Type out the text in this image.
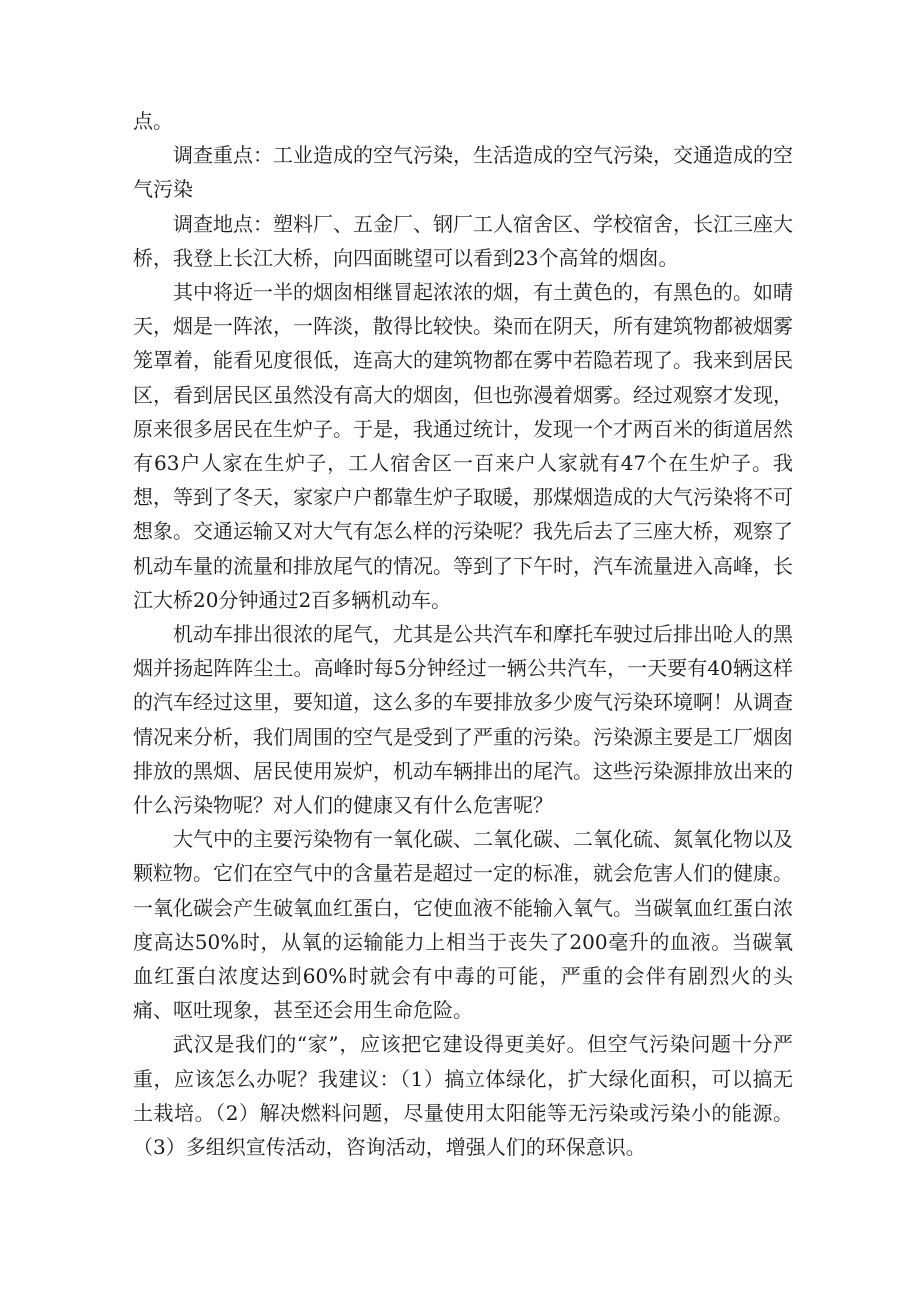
点。

调查重点：工业造成的空气污染，生活造成的空气污染，交通造成的空气污染

调查地点：塑料厂、五金厂、钢厂工人宿舍区、学校宿舍，长江三座大桥，我登上长江大桥，向四面眺望可以看到23个高耸的烟囱。

其中将近一半的烟囱相继冒起浓浓的烟，有土黄色的，有黑色的。如晴天，烟是一阵浓，一阵淡，散得比较快。染而在阴天，所有建筑物都被烟雾笼罩着，能看见度很低，连高大的建筑物都在雾中若隐若现了。我来到居民区，看到居民区虽然没有高大的烟囱，但也弥漫着烟雾。经过观察才发现，原来很多居民在生炉子。于是，我通过统计，发现一个才两百米的街道居然有63户人家在生炉子，工人宿舍区一百来户人家就有47个在生炉子。我想，等到了冬天，家家户户都靠生炉子取暖，那煤烟造成的大气污染将不可想象。交通运输又对大气有怎么样的污染呢？我先后去了三座大桥，观察了机动车量的流量和排放尾气的情况。等到了下午时，汽车流量进入高峰，长江大桥20分钟通过2百多辆机动车。

机动车排出很浓的尾气，尤其是公共汽车和摩托车驶过后排出呛人的黑烟并扬起阵阵尘土。高峰时每5分钟经过一辆公共汽车，一天要有40辆这样的汽车经过这里，要知道，这么多的车要排放多少废气污染环境啊！从调查情况来分析，我们周围的空气是受到了严重的污染。污染源主要是工厂烟囱排放的黑烟、居民使用炭炉，机动车辆排出的尾汽。这些污染源排放出来的什么污染物呢？对人们的健康又有什么危害呢？

大气中的主要污染物有一氧化碳、二氧化碳、二氧化硫、氮氧化物以及颗粒物。它们在空气中的含量若是超过一定的标准，就会危害人们的健康。一氧化碳会产生破氧血红蛋白，它使血液不能输入氧气。当碳氧血红蛋白浓度高达50%时，从氧的运输能力上相当于丧失了200毫升的血液。当碳氧血红蛋白浓度达到60%时就会有中毒的可能，严重的会伴有剧烈火的头痛、呕吐现象，甚至还会用生命危险。

武汉是我们的“家”，应该把它建设得更美好。但空气污染问题十分严重，应该怎么办呢？我建议：（1）搞立体绿化，扩大绿化面积，可以搞无土栽培。（2）解决燃料问题，尽量使用太阳能等无污染或污染小的能源。（3）多组织宣传活动，咨询活动，增强人们的环保意识。
